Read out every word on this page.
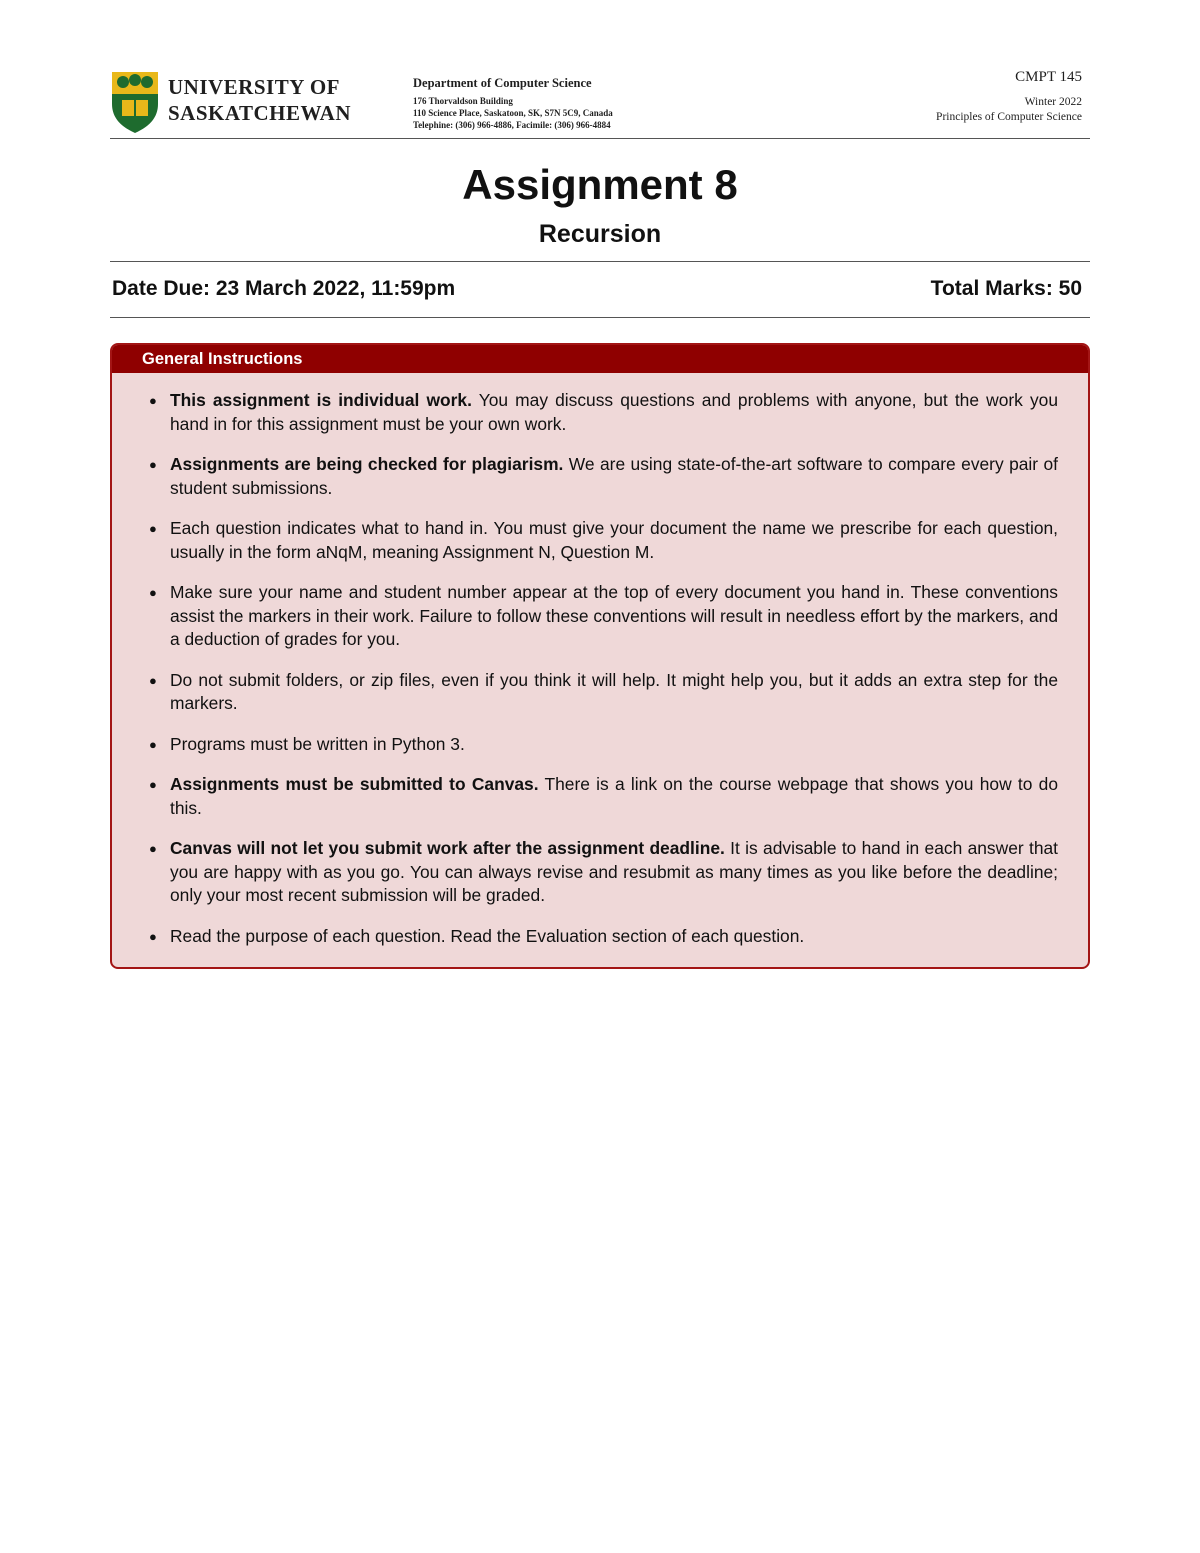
UNIVERSITY OF
SASKATCHEWAN
Department of Computer Science
176 Thorvaldson Building
110 Science Place, Saskatoon, SK, S7N 5C9, Canada
Telephine: (306) 966-4886, Facimile: (306) 966-4884
CMPT 145
Winter 2022
Principles of Computer Science
Assignment 8
Recursion
Date Due: 23 March 2022, 11:59pm	Total Marks: 50
General Instructions
● This assignment is individual work. You may discuss questions and problems with anyone, but the work you hand in for this assignment must be your own work.
● Assignments are being checked for plagiarism. We are using state-of-the-art software to compare every pair of student submissions.
● Each question indicates what to hand in. You must give your document the name we prescribe for each question, usually in the form aNqM, meaning Assignment N, Question M.
● Make sure your name and student number appear at the top of every document you hand in. These conventions assist the markers in their work. Failure to follow these conventions will result in needless effort by the markers, and a deduction of grades for you.
● Do not submit folders, or zip files, even if you think it will help. It might help you, but it adds an extra step for the markers.
● Programs must be written in Python 3.
● Assignments must be submitted to Canvas. There is a link on the course webpage that shows you how to do this.
● Canvas will not let you submit work after the assignment deadline. It is advisable to hand in each answer that you are happy with as you go. You can always revise and resubmit as many times as you like before the deadline; only your most recent submission will be graded.
● Read the purpose of each question. Read the Evaluation section of each question.
